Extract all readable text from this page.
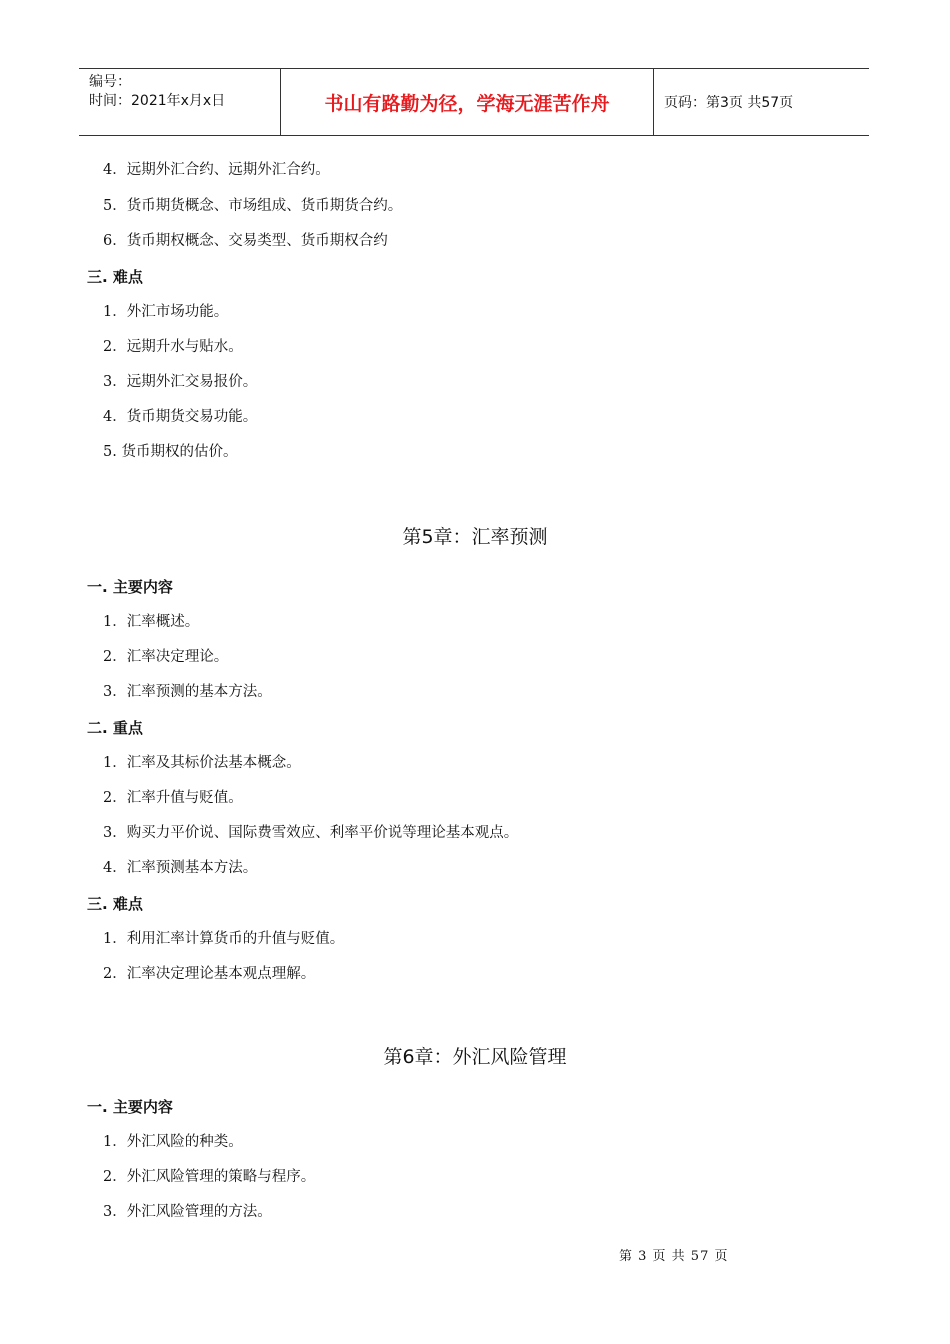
编号：
时间：2021年x月x日	书山有路勤为径，学海无涯苦作舟	页码：第3页 共57页
4．远期外汇合约、远期外汇合约。
5．货币期货概念、市场组成、货币期货合约。
6．货币期权概念、交易类型、货币期权合约
三. 难点
1．外汇市场功能。
2．远期升水与贴水。
3．远期外汇交易报价。
4．货币期货交易功能。
5. 货币期权的估价。
第5章：汇率预测
一. 主要内容
1．汇率概述。
2．汇率决定理论。
3．汇率预测的基本方法。
二. 重点
1．汇率及其标价法基本概念。
2．汇率升值与贬值。
3．购买力平价说、国际费雪效应、利率平价说等理论基本观点。
4．汇率预测基本方法。
三. 难点
1．利用汇率计算货币的升值与贬值。
2．汇率决定理论基本观点理解。
第6章：外汇风险管理
一. 主要内容
1．外汇风险的种类。
2．外汇风险管理的策略与程序。
3．外汇风险管理的方法。
第 3 页 共 57 页
